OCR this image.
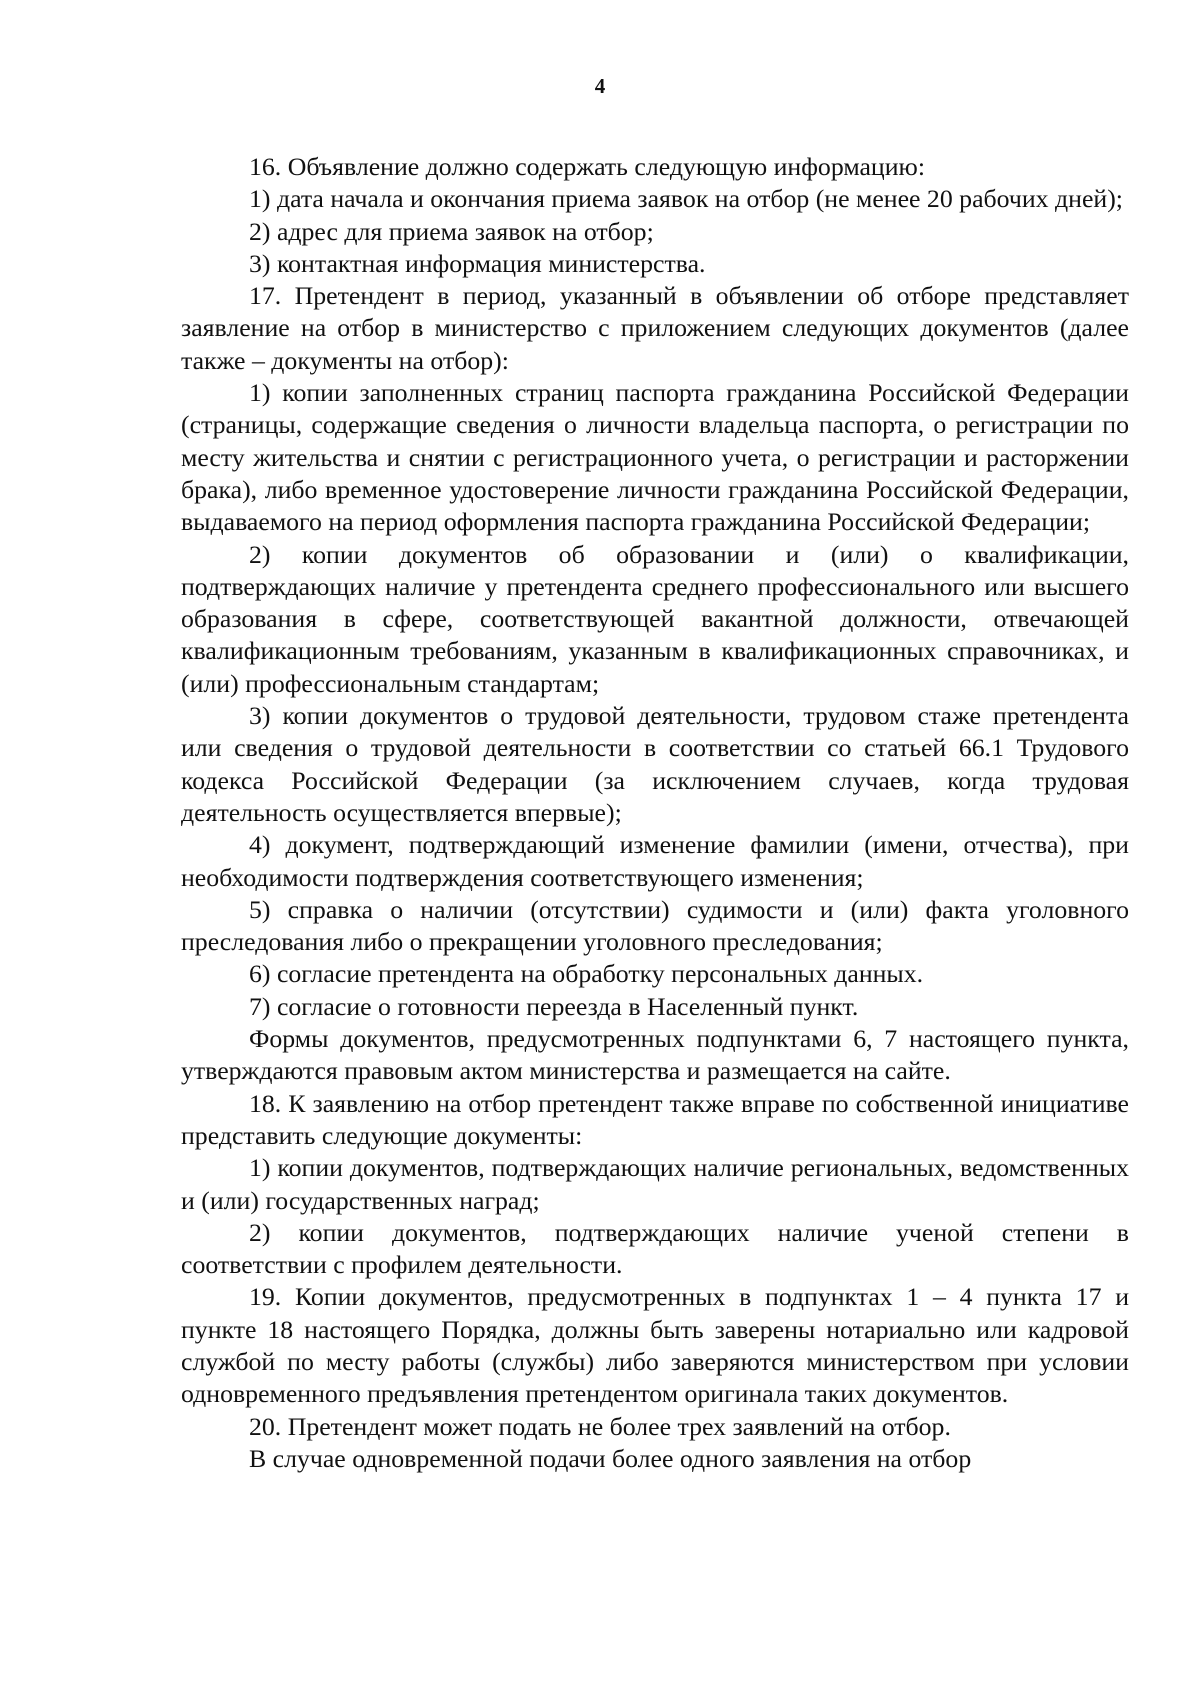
4

16. Объявление должно содержать следующую информацию:

1) дата начала и окончания приема заявок на отбор (не менее 20 рабочих дней);

2) адрес для приема заявок на отбор;

3) контактная информация министерства.

17. Претендент в период, указанный в объявлении об отборе представляет заявление на отбор в министерство с приложением следующих документов (далее также – документы на отбор):

1) копии заполненных страниц паспорта гражданина Российской Федерации (страницы, содержащие сведения о личности владельца паспорта, о регистрации по месту жительства и снятии с регистрационного учета, о регистрации и расторжении брака), либо временное удостоверение личности гражданина Российской Федерации, выдаваемого на период оформления паспорта гражданина Российской Федерации;

2) копии документов об образовании и (или) о квалификации, подтверждающих наличие у претендента среднего профессионального или высшего образования в сфере, соответствующей вакантной должности, отвечающей квалификационным требованиям, указанным в квалификационных справочниках, и (или) профессиональным стандартам;

3) копии документов о трудовой деятельности, трудовом стаже претендента или сведения о трудовой деятельности в соответствии со статьей 66.1 Трудового кодекса Российской Федерации (за исключением случаев, когда трудовая деятельность осуществляется впервые);

4) документ, подтверждающий изменение фамилии (имени, отчества), при необходимости подтверждения соответствующего изменения;

5) справка о наличии (отсутствии) судимости и (или) факта уголовного преследования либо о прекращении уголовного преследования;

6) согласие претендента на обработку персональных данных.

7) согласие о готовности переезда в Населенный пункт.

Формы документов, предусмотренных подпунктами 6, 7 настоящего пункта, утверждаются правовым актом министерства и размещается на сайте.

18. К заявлению на отбор претендент также вправе по собственной инициативе представить следующие документы:

1) копии документов, подтверждающих наличие региональных, ведомственных и (или) государственных наград;

2) копии документов, подтверждающих наличие ученой степени в соответствии с профилем деятельности.

19. Копии документов, предусмотренных в подпунктах 1 – 4 пункта 17 и пункте 18 настоящего Порядка, должны быть заверены нотариально или кадровой службой по месту работы (службы) либо заверяются министерством при условии одновременного предъявления претендентом оригинала таких документов.

20. Претендент может подать не более трех заявлений на отбор.

В случае одновременной подачи более одного заявления на отбор
